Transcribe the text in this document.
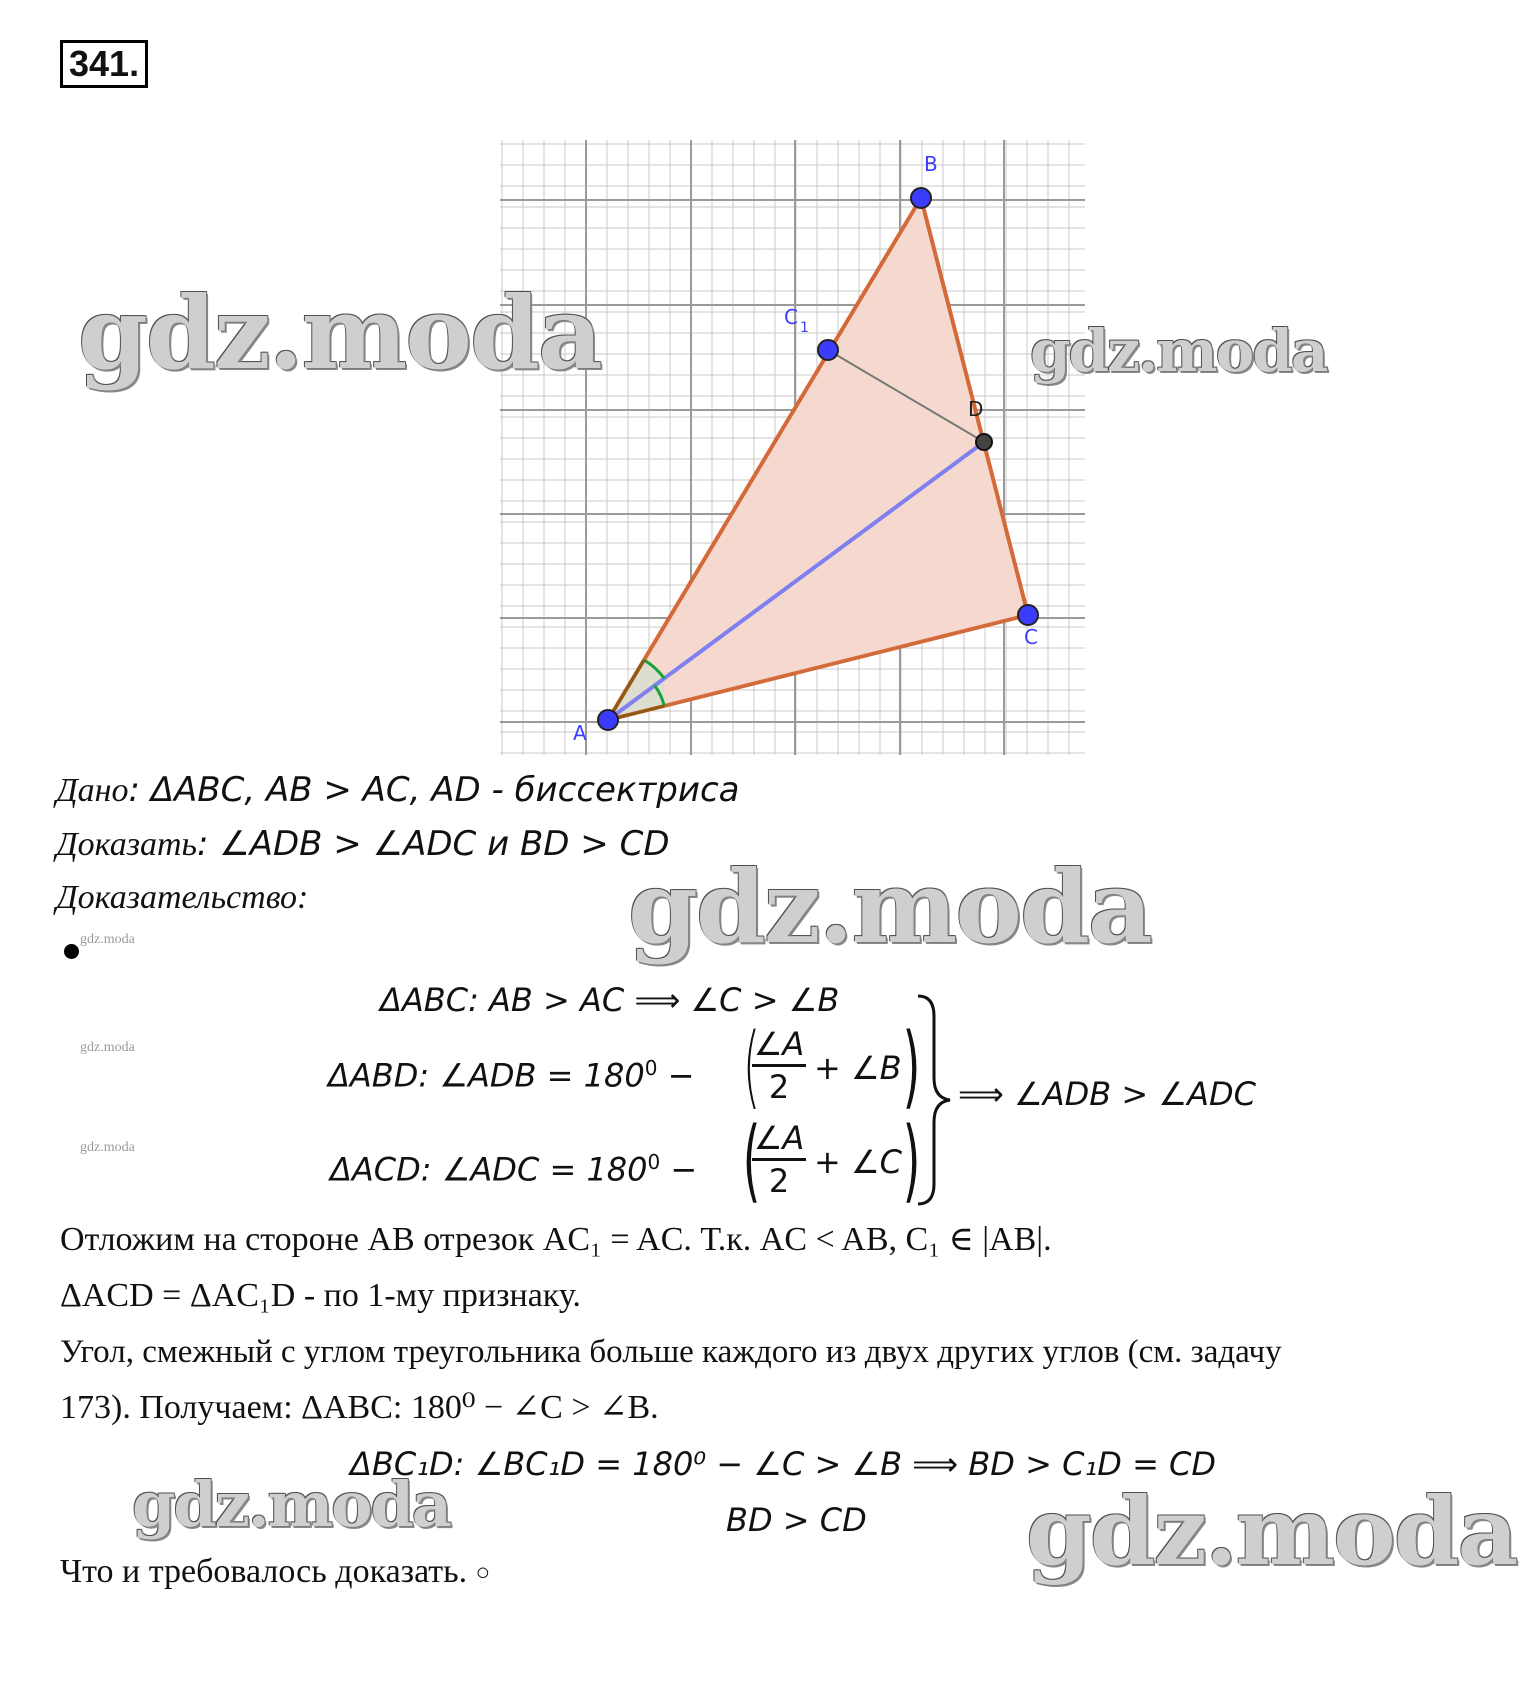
341.
A
B
C
C 1
D
Дано: ΔABC, AB > AC, AD - биссектриса
Доказать: ∠ADB > ∠ADC и BD > CD
Доказательство:
ΔABC: AB > AC ⟹ ∠C > ∠B
ΔABD: ∠ADB = $180^0$ − (
$\frac{\angle A}{2}$ + ∠B )
ΔACD: ∠ADC = $180^0$ − (
$\frac{\angle A}{2}$ + ∠C )
⟹ ∠ADB > ∠ADC
Отложим на стороне AB отрезок AC₁ = AC. Т.к. AC < AB, C₁ ∈ |AB|.
ΔACD = ΔAC₁D - по 1-му признаку.
Угол, смежный с углом треугольника больше каждого из двух других углов (см. задачу
173). Получаем: ΔABC: 180⁰ − ∠C > ∠B.
ΔBC₁D: ∠BC₁D = 180⁰ − ∠C > ∠B ⟹ BD > C₁D = CD
BD > CD
Что и требовалось доказать. ○
gdz.moda	gdz.moda
gdz.moda
gdz.moda	gdz.moda
gdz.moda
gdz.moda
gdz.moda
